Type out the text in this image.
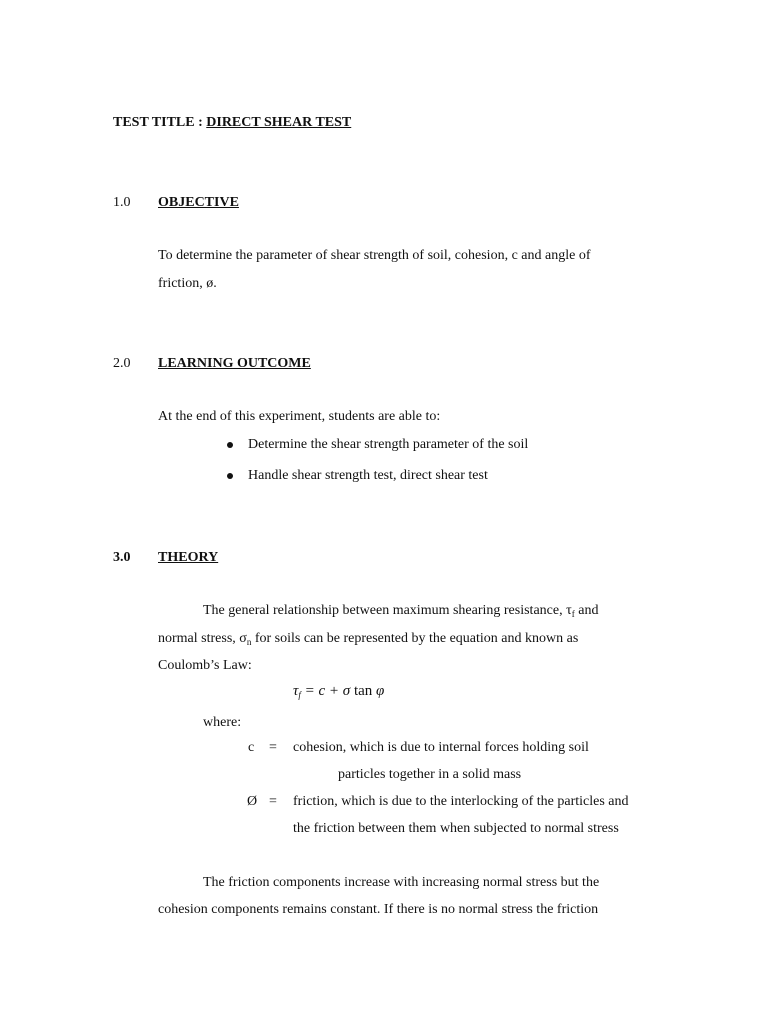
TEST TITLE : DIRECT SHEAR TEST
1.0 OBJECTIVE
To determine the parameter of shear strength of soil, cohesion, c and angle of
friction, ø.
2.0 LEARNING OUTCOME
At the end of this experiment, students are able to:
Determine the shear strength parameter of the soil
Handle shear strength test, direct shear test
3.0 THEORY
The general relationship between maximum shearing resistance, $\tau_f$ and
normal stress, $\sigma_n$ for soils can be represented by the equation and known as
Coulomb’s Law:
$\tau_f = c + \sigma$ tan φ
where:
c = cohesion, which is due to internal forces holding soil
particles together in a solid mass
Ø = friction, which is due to the interlocking of the particles and
the friction between them when subjected to normal stress
The friction components increase with increasing normal stress but the
cohesion components remains constant. If there is no normal stress the friction
